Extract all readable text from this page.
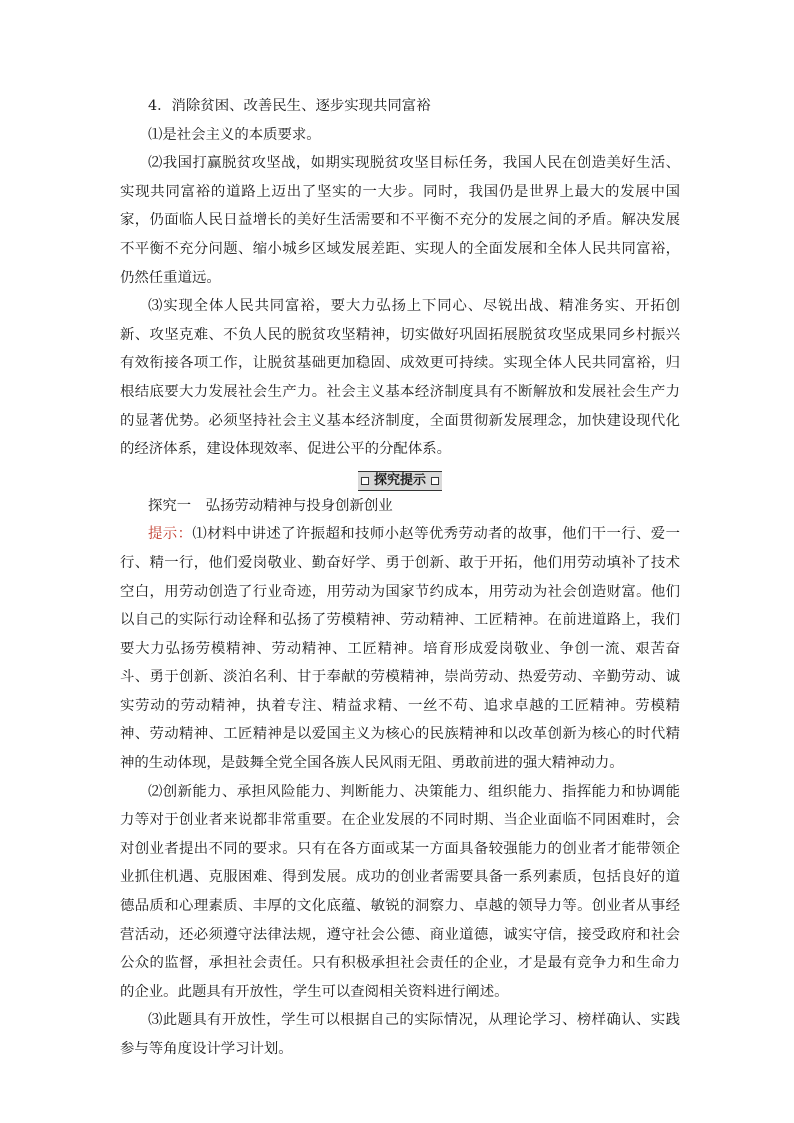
4．消除贫困、改善民生、逐步实现共同富裕

⑴是社会主义的本质要求。

⑵我国打赢脱贫攻坚战，如期实现脱贫攻坚目标任务，我国人民在创造美好生活、实现共同富裕的道路上迈出了坚实的一大步。同时，我国仍是世界上最大的发展中国家，仍面临人民日益增长的美好生活需要和不平衡不充分的发展之间的矛盾。解决发展不平衡不充分问题、缩小城乡区域发展差距、实现人的全面发展和全体人民共同富裕，仍然任重道远。

⑶实现全体人民共同富裕，要大力弘扬上下同心、尽锐出战、精准务实、开拓创新、攻坚克难、不负人民的脱贫攻坚精神，切实做好巩固拓展脱贫攻坚成果同乡村振兴有效衔接各项工作，让脱贫基础更加稳固、成效更可持续。实现全体人民共同富裕，归根结底要大力发展社会生产力。社会主义基本经济制度具有不断解放和发展社会生产力的显著优势。必须坚持社会主义基本经济制度，全面贯彻新发展理念，加快建设现代化的经济体系，建设体现效率、促进公平的分配体系。

探究提示

探究一　弘扬劳动精神与投身创新创业

提示：⑴材料中讲述了许振超和技师小赵等优秀劳动者的故事，他们干一行、爱一行、精一行，他们爱岗敬业、勤奋好学、勇于创新、敢于开拓，他们用劳动填补了技术空白，用劳动创造了行业奇迹，用劳动为国家节约成本，用劳动为社会创造财富。他们以自己的实际行动诠释和弘扬了劳模精神、劳动精神、工匠精神。在前进道路上，我们要大力弘扬劳模精神、劳动精神、工匠精神。培育形成爱岗敬业、争创一流、艰苦奋斗、勇于创新、淡泊名利、甘于奉献的劳模精神，崇尚劳动、热爱劳动、辛勤劳动、诚实劳动的劳动精神，执着专注、精益求精、一丝不苟、追求卓越的工匠精神。劳模精神、劳动精神、工匠精神是以爱国主义为核心的民族精神和以改革创新为核心的时代精神的生动体现，是鼓舞全党全国各族人民风雨无阻、勇敢前进的强大精神动力。

⑵创新能力、承担风险能力、判断能力、决策能力、组织能力、指挥能力和协调能力等对于创业者来说都非常重要。在企业发展的不同时期、当企业面临不同困难时，会对创业者提出不同的要求。只有在各方面或某一方面具备较强能力的创业者才能带领企业抓住机遇、克服困难、得到发展。成功的创业者需要具备一系列素质，包括良好的道德品质和心理素质、丰厚的文化底蕴、敏锐的洞察力、卓越的领导力等。创业者从事经营活动，还必须遵守法律法规，遵守社会公德、商业道德，诚实守信，接受政府和社会公众的监督，承担社会责任。只有积极承担社会责任的企业，才是最有竞争力和生命力的企业。此题具有开放性，学生可以查阅相关资料进行阐述。

⑶此题具有开放性，学生可以根据自己的实际情况，从理论学习、榜样确认、实践参与等角度设计学习计划。
